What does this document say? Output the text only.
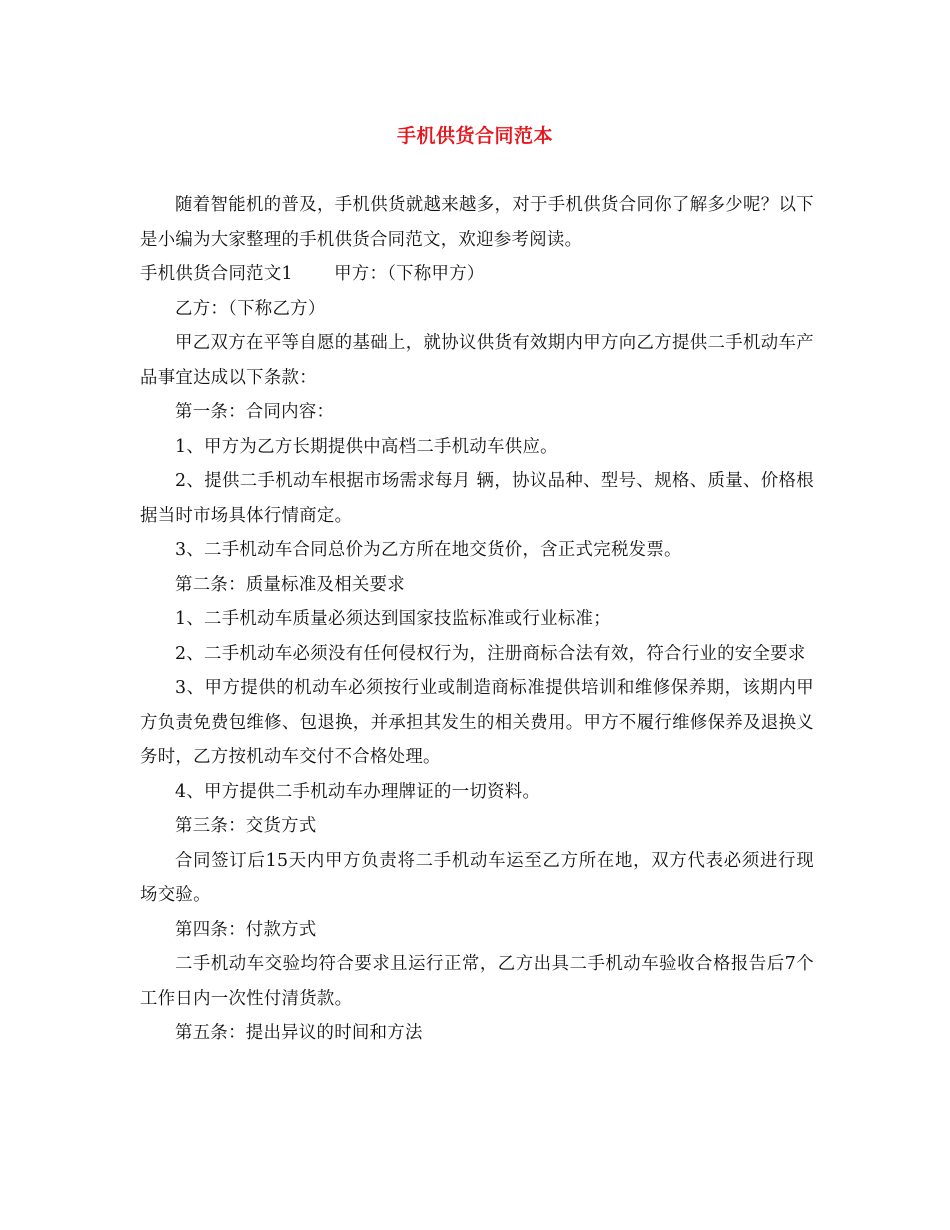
手机供货合同范本

随着智能机的普及，手机供货就越来越多，对于手机供货合同你了解多少呢？以下是小编为大家整理的手机供货合同范文，欢迎参考阅读。

手机供货合同范文1　　 甲方：（下称甲方）

乙方：（下称乙方）

甲乙双方在平等自愿的基础上，就协议供货有效期内甲方向乙方提供二手机动车产品事宜达成以下条款：

第一条：合同内容：

1、甲方为乙方长期提供中高档二手机动车供应。

2、提供二手机动车根据市场需求每月 辆，协议品种、型号、规格、质量、价格根据当时市场具体行情商定。

3、二手机动车合同总价为乙方所在地交货价，含正式完税发票。

第二条：质量标准及相关要求

1、二手机动车质量必须达到国家技监标准或行业标准；

2、二手机动车必须没有任何侵权行为，注册商标合法有效，符合行业的安全要求

3、甲方提供的机动车必须按行业或制造商标准提供培训和维修保养期，该期内甲方负责免费包维修、包退换，并承担其发生的相关费用。甲方不履行维修保养及退换义务时，乙方按机动车交付不合格处理。

4、甲方提供二手机动车办理牌证的一切资料。

第三条：交货方式

合同签订后15天内甲方负责将二手机动车运至乙方所在地，双方代表必须进行现场交验。

第四条：付款方式

二手机动车交验均符合要求且运行正常，乙方出具二手机动车验收合格报告后7个工作日内一次性付清货款。

第五条：提出异议的时间和方法
